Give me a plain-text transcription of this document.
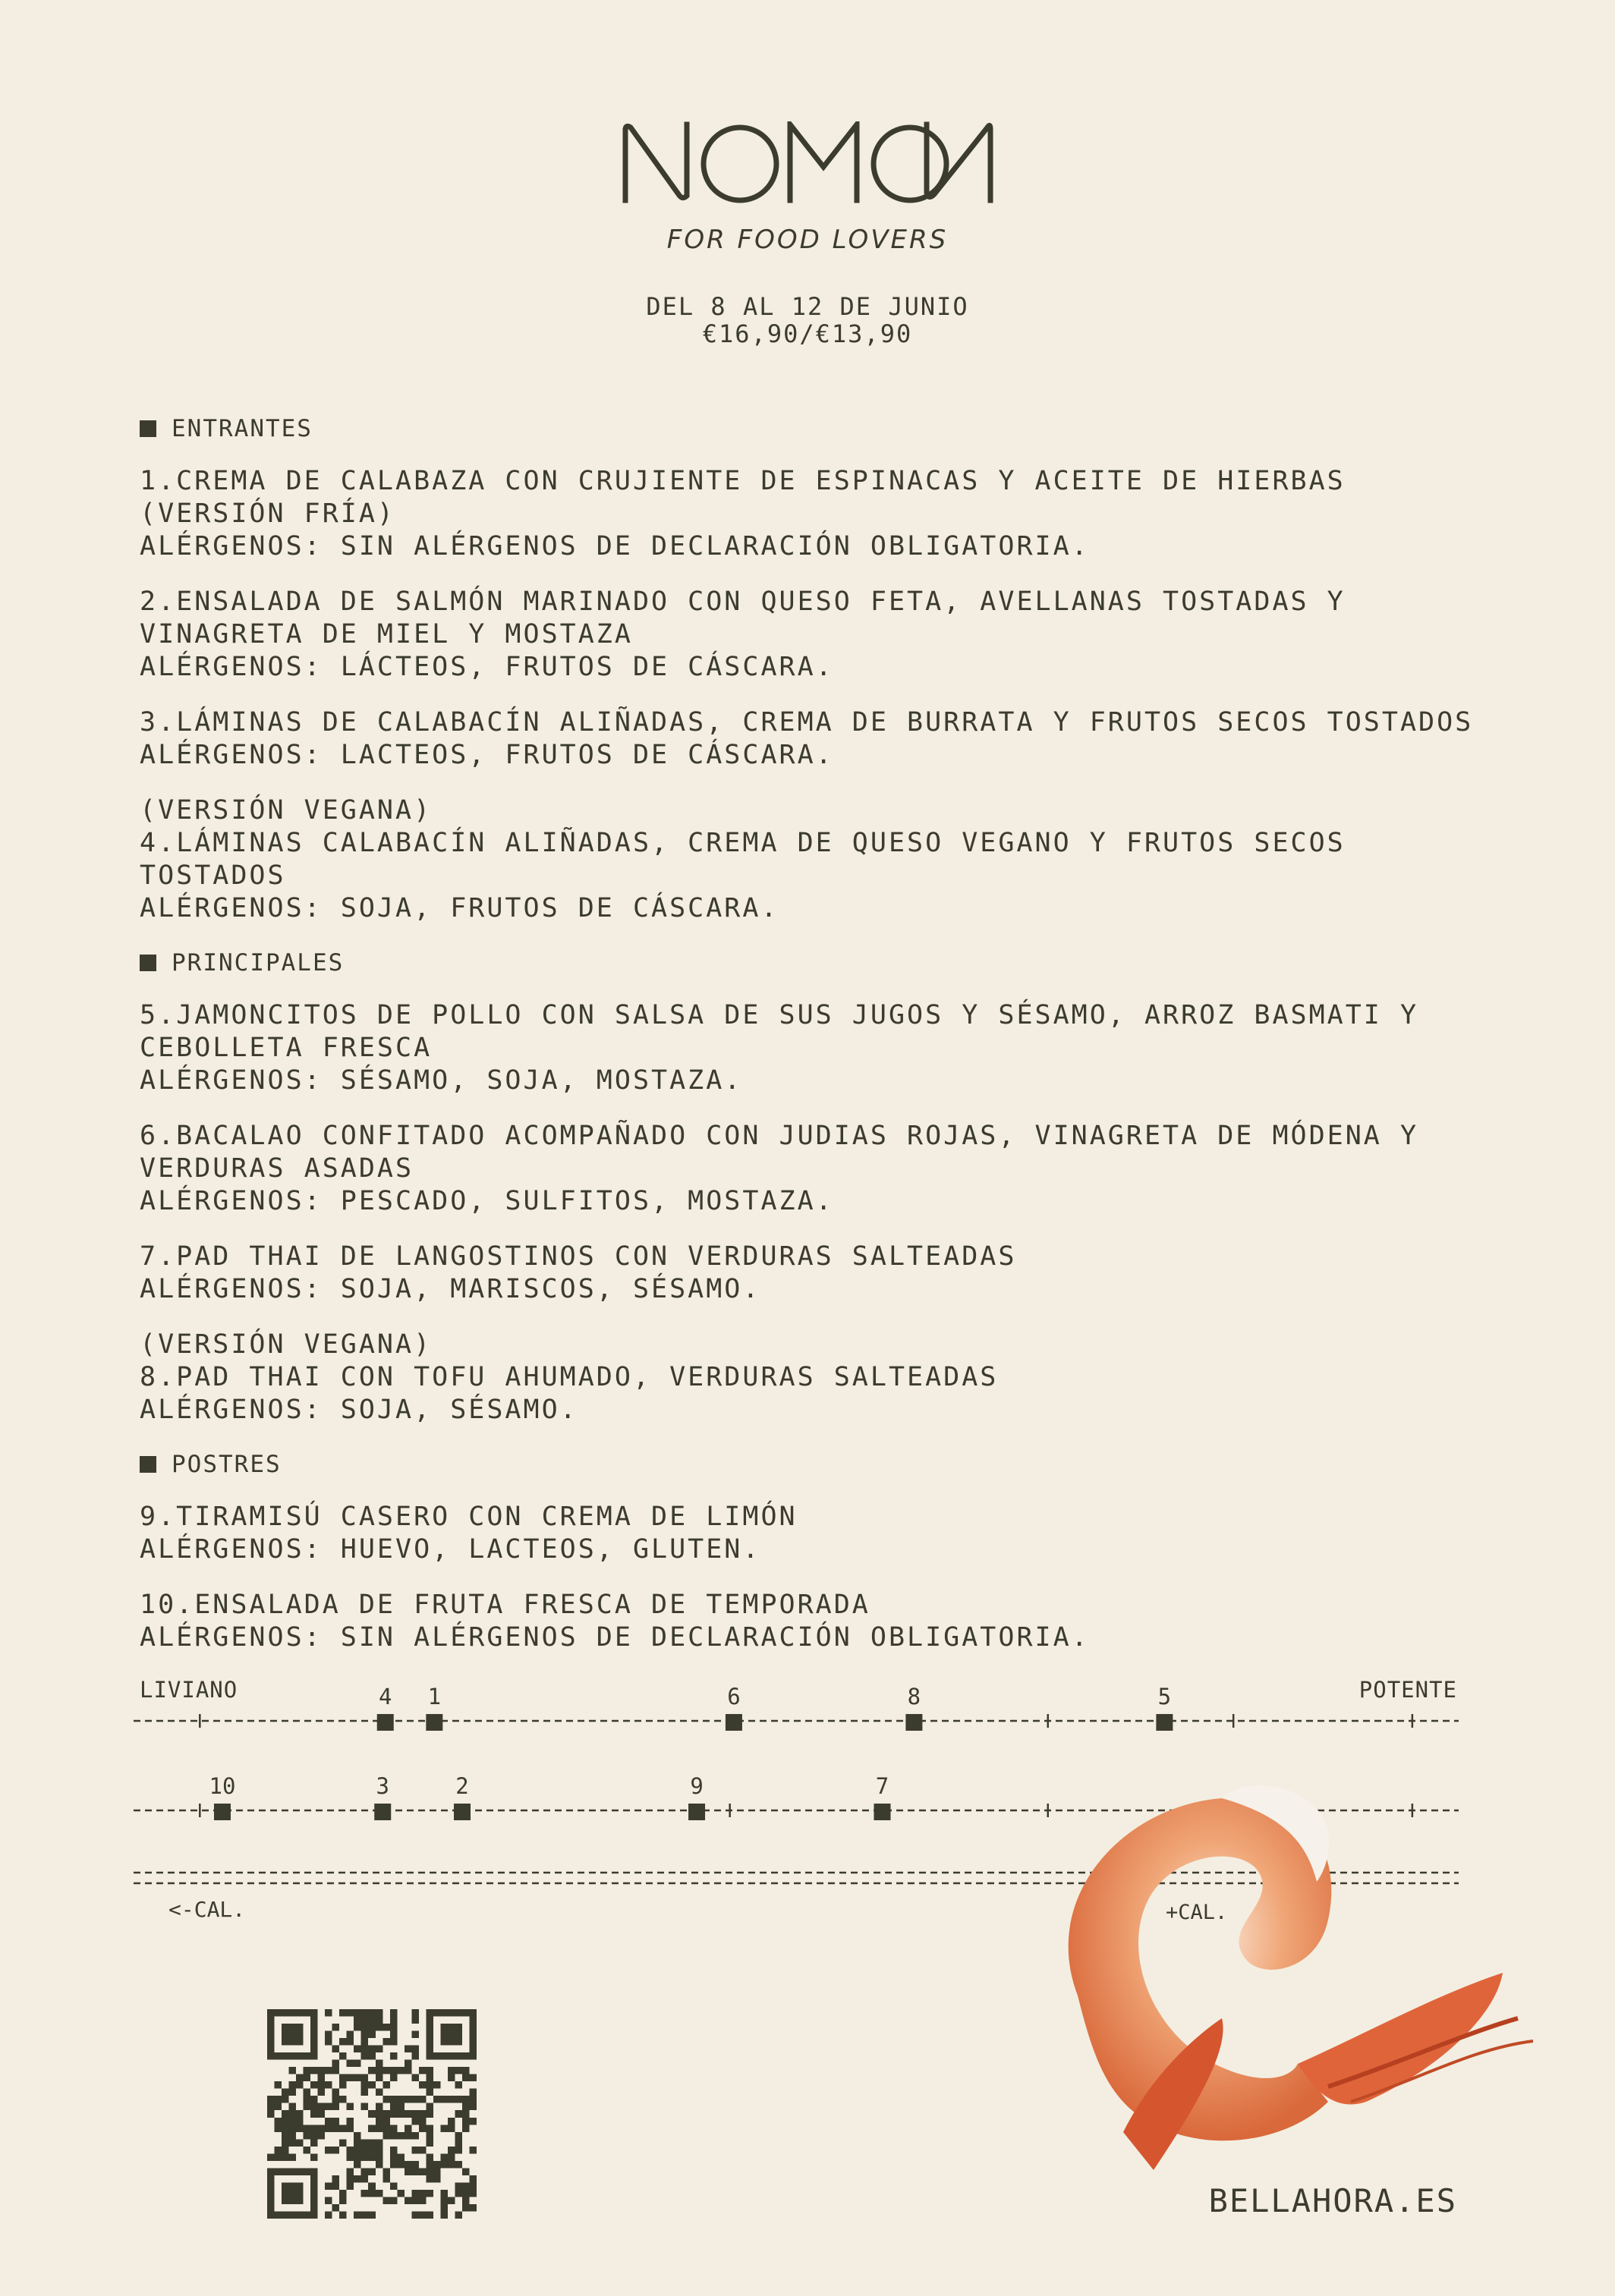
FOR FOOD LOVERS
DEL 8 AL 12 DE JUNIO
€16,90/€13,90
ENTRANTES
1.CREMA DE CALABAZA CON CRUJIENTE DE ESPINACAS Y ACEITE DE HIERBAS
(VERSIÓN FRÍA)
ALÉRGENOS: SIN ALÉRGENOS DE DECLARACIÓN OBLIGATORIA.
2.ENSALADA DE SALMÓN MARINADO CON QUESO FETA, AVELLANAS TOSTADAS Y
VINAGRETA DE MIEL Y MOSTAZA
ALÉRGENOS: LÁCTEOS, FRUTOS DE CÁSCARA.
3.LÁMINAS DE CALABACÍN ALIÑADAS, CREMA DE BURRATA Y FRUTOS SECOS TOSTADOS
ALÉRGENOS: LACTEOS, FRUTOS DE CÁSCARA.
(VERSIÓN VEGANA)
4.LÁMINAS CALABACÍN ALIÑADAS, CREMA DE QUESO VEGANO Y FRUTOS SECOS TOSTADOS
ALÉRGENOS: SOJA, FRUTOS DE CÁSCARA.
PRINCIPALES
5.JAMONCITOS DE POLLO CON SALSA DE SUS JUGOS Y SÉSAMO, ARROZ BASMATI Y
CEBOLLETA FRESCA
ALÉRGENOS: SÉSAMO, SOJA, MOSTAZA.
6.BACALAO CONFITADO ACOMPAÑADO CON JUDIAS ROJAS, VINAGRETA DE MÓDENA Y
VERDURAS ASADAS
ALÉRGENOS: PESCADO, SULFITOS, MOSTAZA.
7.PAD THAI DE LANGOSTINOS CON VERDURAS SALTEADAS
ALÉRGENOS: SOJA, MARISCOS, SÉSAMO.
(VERSIÓN VEGANA)
8.PAD THAI CON TOFU AHUMADO, VERDURAS SALTEADAS
ALÉRGENOS: SOJA, SÉSAMO.
POSTRES
9.TIRAMISÚ CASERO CON CREMA DE LIMÓN
ALÉRGENOS: HUEVO, LACTEOS, GLUTEN.
10.ENSALADA DE FRUTA FRESCA DE TEMPORADA
ALÉRGENOS: SIN ALÉRGENOS DE DECLARACIÓN OBLIGATORIA.
LIVIANO	POTENTE
4 1	6	8	5
10	3	2	9	7
<-CAL.	+CAL.
BELLAHORA.ES
